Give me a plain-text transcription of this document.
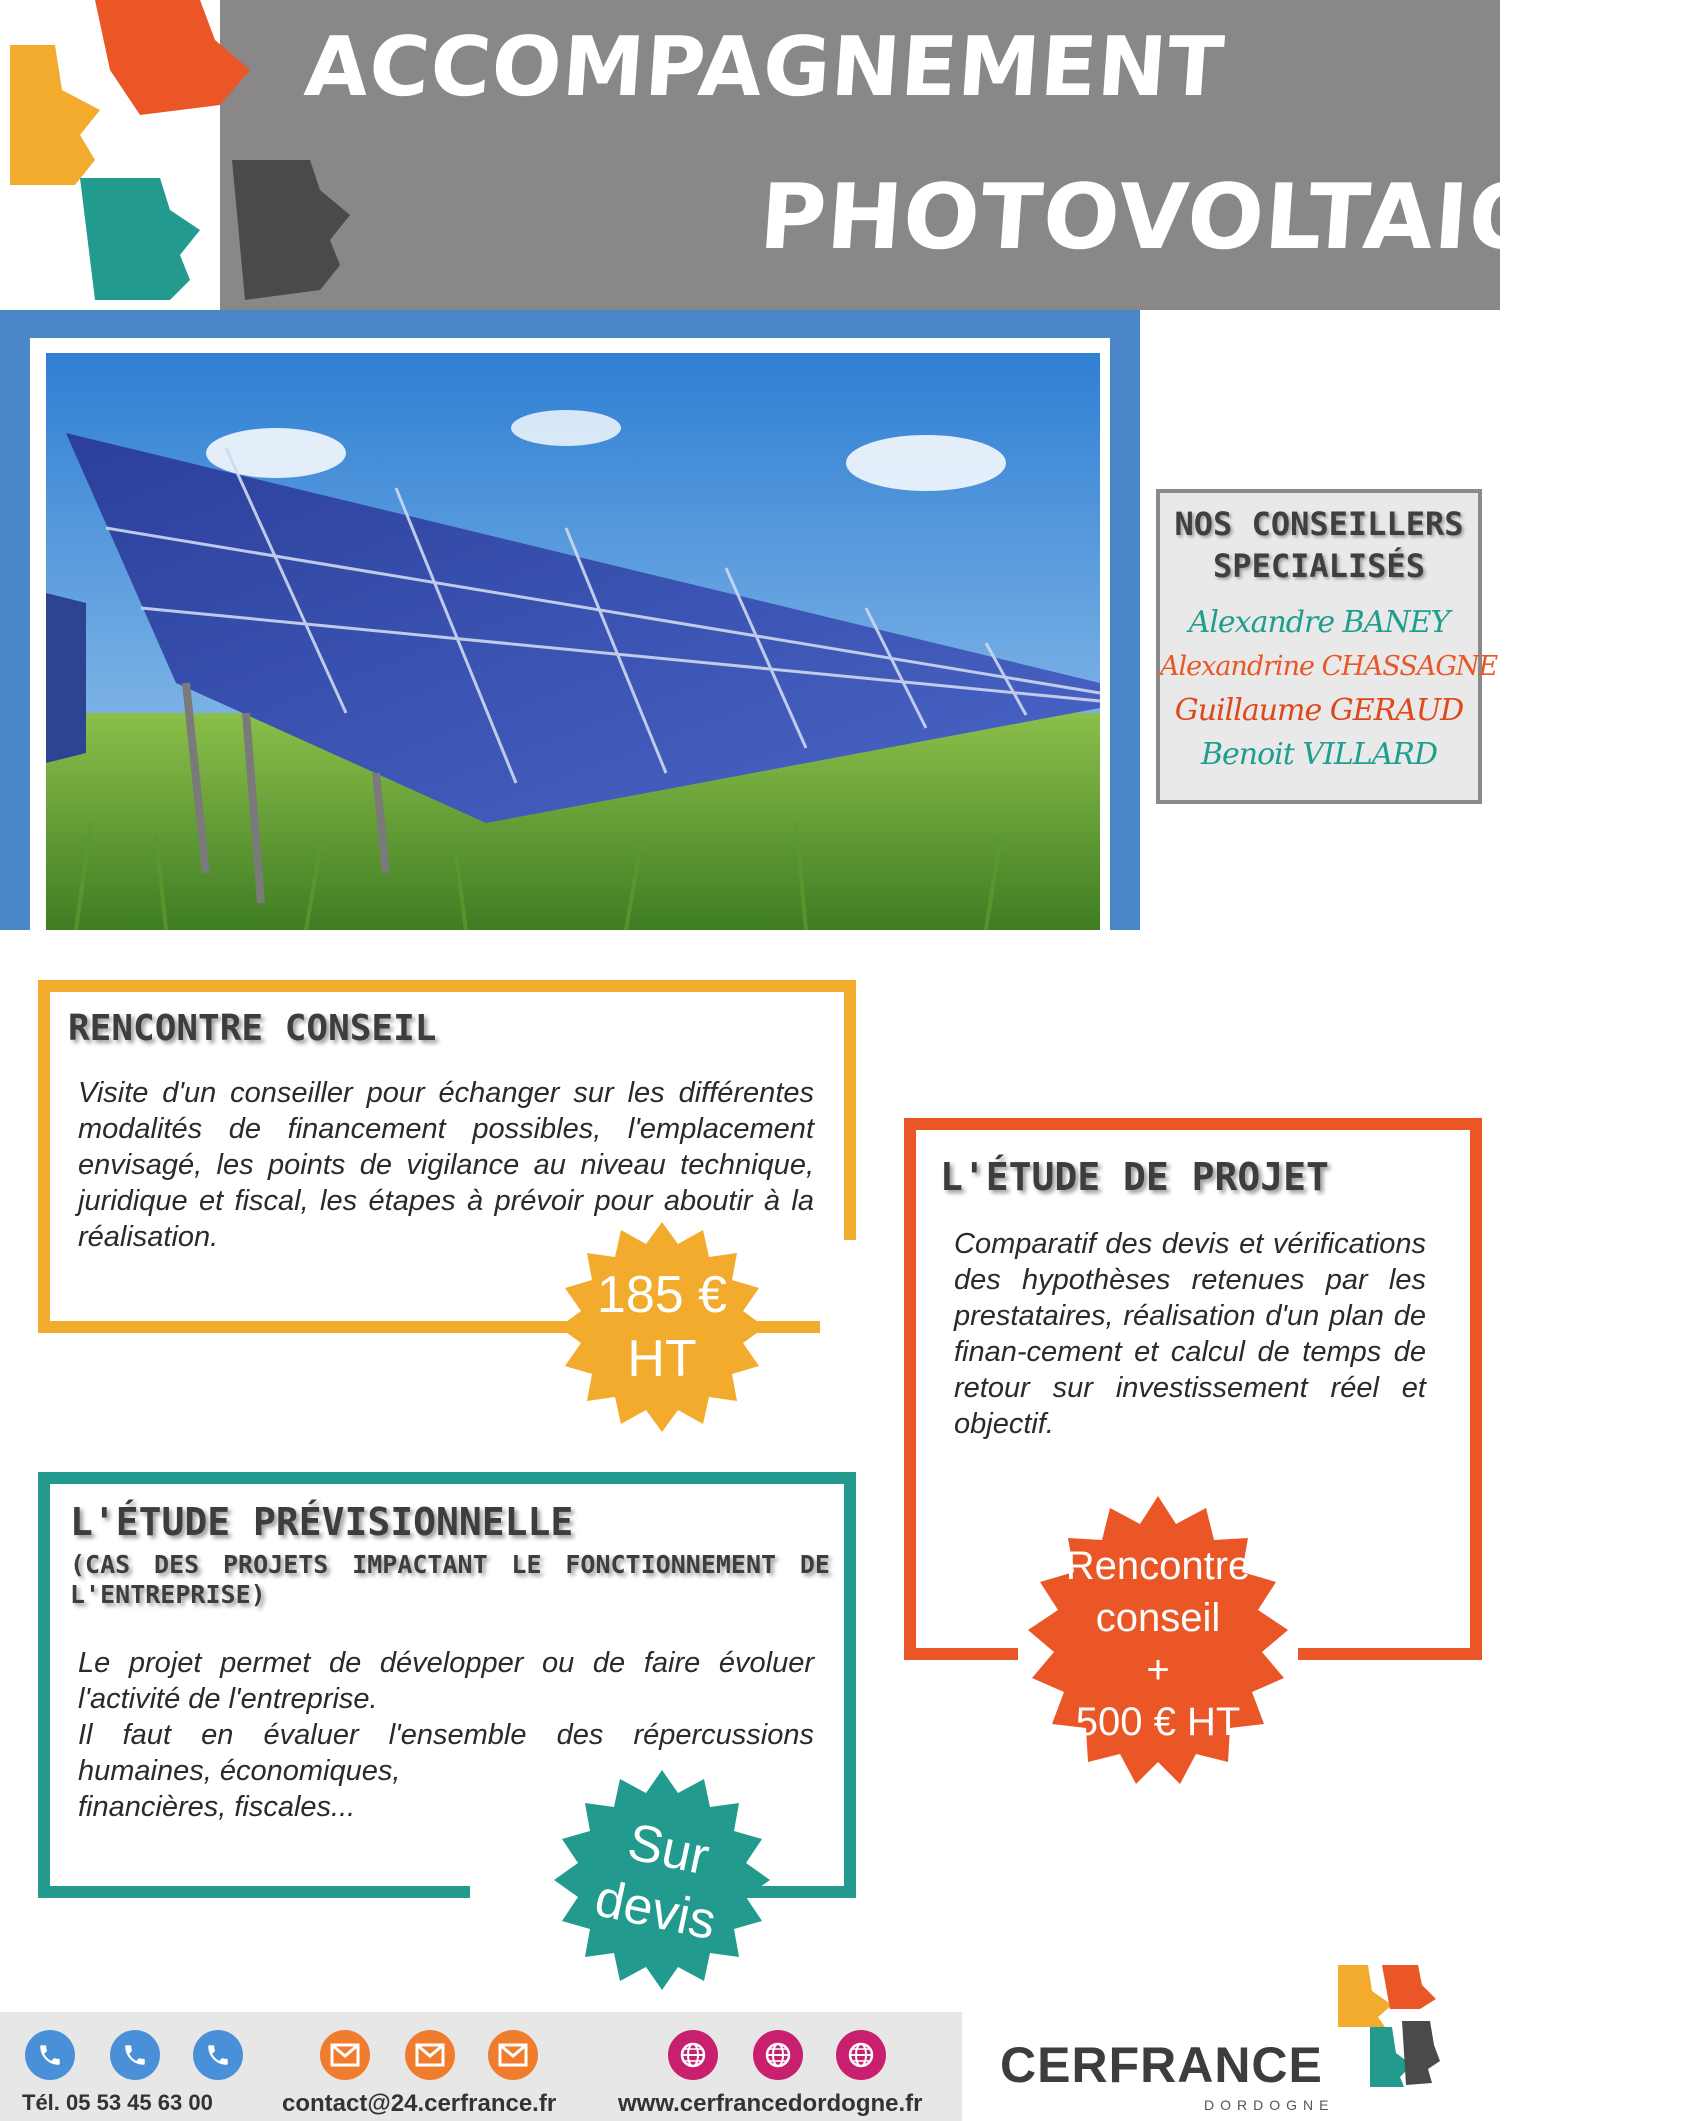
ACCOMPAGNEMENT
PHOTOVOLTAIQUE
NOS CONSEILLERS
SPECIALISÉS
Alexandre BANEY
Alexandrine CHASSAGNE
Guillaume GERAUD
Benoit VILLARD
RENCONTRE CONSEIL
Visite d'un conseiller pour échanger sur les différentes modalités de financement possibles, l'emplacement envisagé, les points de vigilance au niveau technique, juridique et fiscal, les étapes à prévoir pour aboutir à la réalisation.
185 €
HT
L'ÉTUDE DE PROJET
Comparatif des devis et vérifications des hypothèses retenues par les prestataires, réalisation d'un plan de finan-cement et calcul de temps de retour sur investissement réel et objectif.
Rencontre
conseil
+
500 € HT
L'ÉTUDE PRÉVISIONNELLE
(CAS DES PROJETS IMPACTANT LE FONCTIONNEMENT DE L'ENTREPRISE)
Le projet permet de développer ou de faire évoluer l'activité de l'entreprise.
Il faut en évaluer l'ensemble des répercussions humaines, économiques,
financières, fiscales...
Sur
devis
Tél. 05 53 45 63 00	contact@24.cerfrance.fr	www.cerfrancedordogne.fr
CERFRANCE
DORDOGNE
